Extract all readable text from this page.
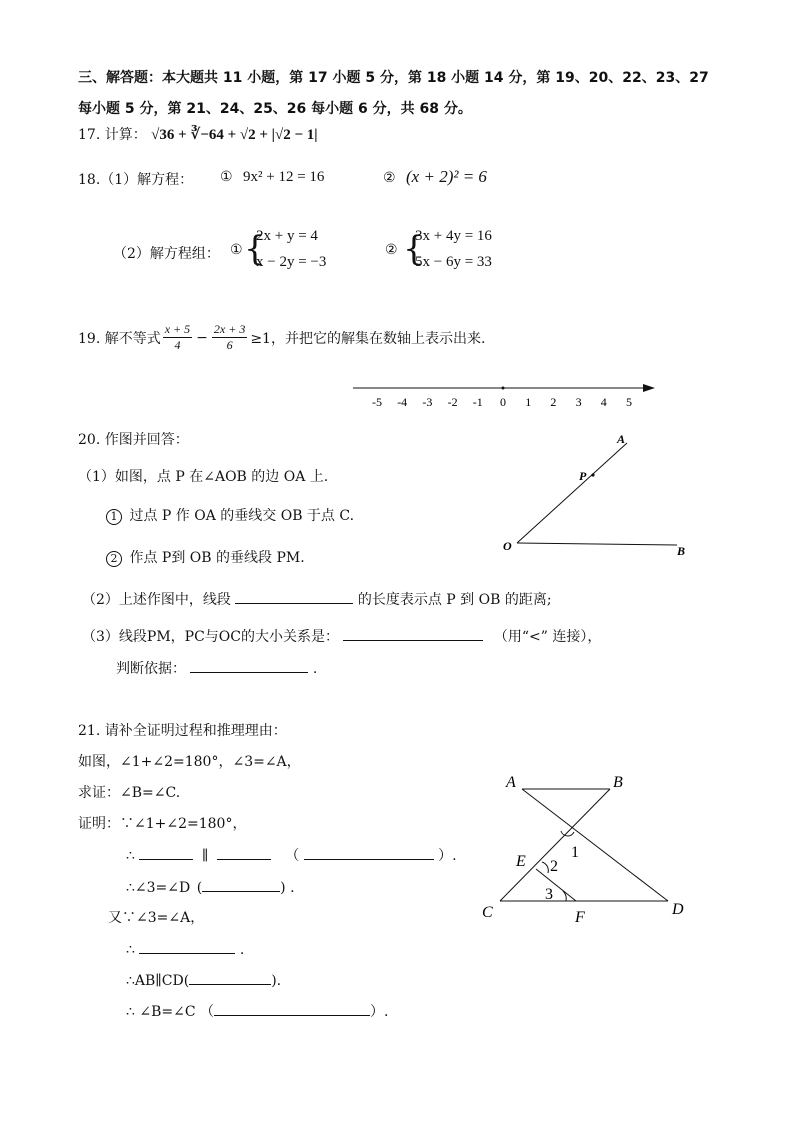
三、解答题：本大题共 11 小题，第 17 小题 5 分，第 18 小题 14 分，第 19、20、22、23、27
每小题 5 分，第 21、24、25、26 每小题 6 分，共 68 分。
17. 计算： √36 + ∛−64 + √2 + |√2 − 1|
18.（1）解方程： ① 9x² + 12 = 16	② (x + 2)² = 6
（2）解方程组： ① {
2x + y = 4
x − 2y = −3
② {
3x + 4y = 16
5x − 6y = 33
19. 解不等式 $\frac{x + 5}{4} - \frac{2x + 3}{6} \ge 1$，并把它的解集在数轴上表示出来.
-5 -4 -3 -2 -1 0 1 2 3 4 5
20. 作图并回答：
（1）如图，点 P 在∠AOB 的边 OA 上.
1 过点 P 作 OA 的垂线交 OB 于点 C.
2 作点 P到 OB 的垂线段 PM.
（2）上述作图中，线段	的长度表示点 P 到 OB 的距离;
（3）线段PM，PC与OC的大小关系是：	（用“<” 连接），
判断依据：	.
A
P
O	B
21. 请补全证明过程和推理理由：
如图，∠1+∠2=180°，∠3=∠A，
求证：∠B=∠C.
证明：∵∠1+∠2=180°，
∴	∥	（	）.
∴∠3=∠D (	) .
又∵∠3=∠A，
∴	.
∴AB∥CD(	).
∴ ∠B=∠C （	）.
A	B
C	D
E
F
1
2
3
